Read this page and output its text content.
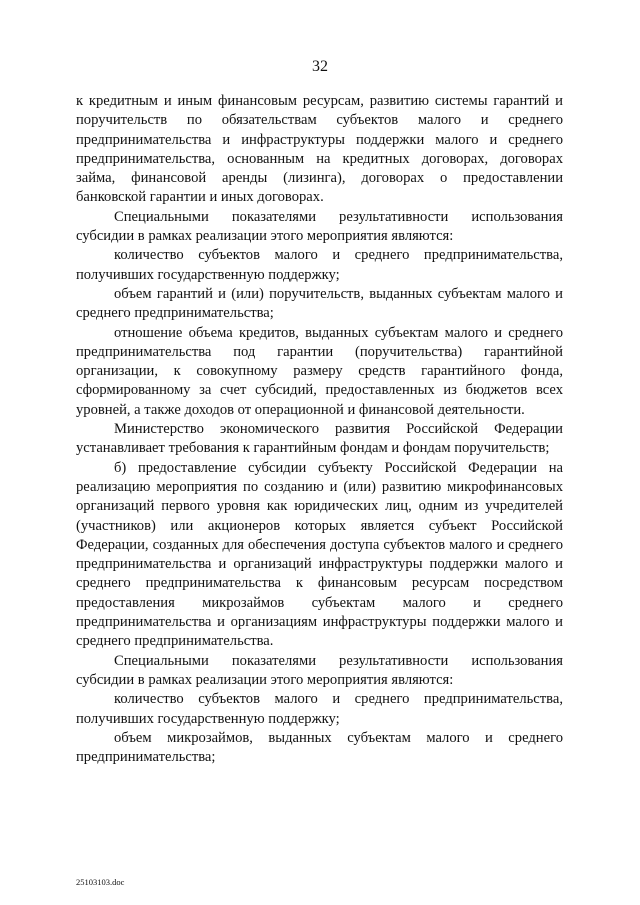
32

к кредитным и иным финансовым ресурсам, развитию системы гарантий и поручительств по обязательствам субъектов малого и среднего предпринимательства и инфраструктуры поддержки малого и среднего предпринимательства, основанным на кредитных договорах, договорах займа, финансовой аренды (лизинга), договорах о предоставлении банковской гарантии и иных договорах.

Специальными показателями результативности использования субсидии в рамках реализации этого мероприятия являются:

количество субъектов малого и среднего предпринимательства, получивших государственную поддержку;

объем гарантий и (или) поручительств, выданных субъектам малого и среднего предпринимательства;

отношение объема кредитов, выданных субъектам малого и среднего предпринимательства под гарантии (поручительства) гарантийной организации, к совокупному размеру средств гарантийного фонда, сформированному за счет субсидий, предоставленных из бюджетов всех уровней, а также доходов от операционной и финансовой деятельности.

Министерство экономического развития Российской Федерации устанавливает требования к гарантийным фондам и фондам поручительств;

б) предоставление субсидии субъекту Российской Федерации на реализацию мероприятия по созданию и (или) развитию микрофинансовых организаций первого уровня как юридических лиц, одним из учредителей (участников) или акционеров которых является субъект Российской Федерации, созданных для обеспечения доступа субъектов малого и среднего предпринимательства и организаций инфраструктуры поддержки малого и среднего предпринимательства к финансовым ресурсам посредством предоставления микрозаймов субъектам малого и среднего предпринимательства и организациям инфраструктуры поддержки малого и среднего предпринимательства.

Специальными показателями результативности использования субсидии в рамках реализации этого мероприятия являются:

количество субъектов малого и среднего предпринимательства, получивших государственную поддержку;

объем микрозаймов, выданных субъектам малого и среднего предпринимательства;

25103103.doc
